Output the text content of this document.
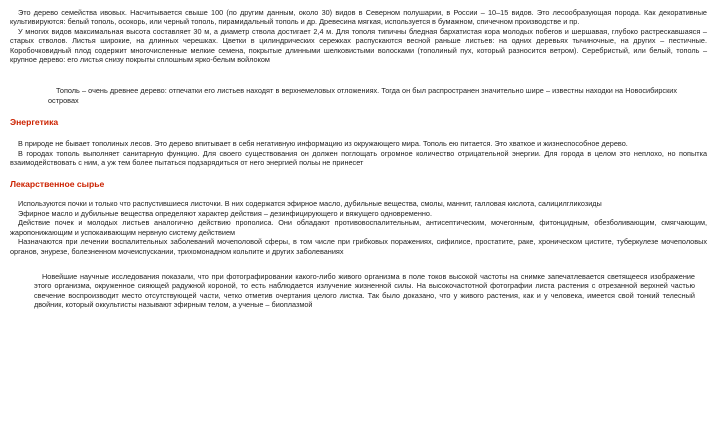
Это дерево семейства ивовых. Насчитывается свыше 100 (по другим данным, около 30) видов в Северном полушарии, в России – 10–15 видов. Это лесообразующая порода. Как декоративные культивируются: белый тополь, осокорь, или черный тополь, пирамидальный тополь и др. Древесина мягкая, используется в бумажном, спичечном производстве и пр.

У многих видов максимальная высота составляет 30 м, а диаметр ствола достигает 2,4 м. Для тополя типичны бледная бархатистая кора молодых побегов и шершавая, глубоко растрескавшаяся – старых стволов. Листья широкие, на длинных черешках. Цветки в цилиндрических сережках распускаются весной раньше листьев: на одних деревьях тычиночные, на других – пестичные. Коробочковидный плод содержит многочисленные мелкие семена, покрытые длинными шелковистыми волосками (тополиный пух, который разносится ветром). Серебристый, или белый, тополь – крупное дерево: его листья снизу покрыты сплошным ярко-белым войлоком

Тополь – очень древнее дерево: отпечатки его листьев находят в верхнемеловых отложениях. Тогда он был распространен значительно шире – известны находки на Новосибирских островах

Энергетика

В природе не бывает тополиных лесов. Это дерево впитывает в себя негативную информацию из окружающего мира. Тополь ею питается. Это хваткое и жизнеспособное дерево.

В городах тополь выполняет санитарную функцию. Для своего существования он должен поглощать огромное количество отрицательной энергии. Для города в целом это неплохо, но попытка взаимодействовать с ним, а уж тем более пытаться подзарядиться от него энергией польы не принесет

Лекарственное сырье

Используются почки и только что распустившиеся листочки. В них содержатся эфирное масло, дубильные вещества, смолы, маннит, галловая кислота, салицилгликозиды

Эфирное масло и дубильные вещества определяют характер действия – дезинфицирующего и вяжущего одновременно.

Действие почек и молодых листьев аналогично действию прополиса. Они обладают противовоспалительным, антисептическим, мочегонным, фитонцидным, обезболивающим, смягчающим, жаропонижающим и успокаивающим нервную систему действием

Назначаются при лечении воспалительных заболеваний мочеполовой сферы, в том числе при грибковых поражениях, сифилисе, простатите, раке, хроническом цистите, туберкулезе мочеполовых органов, энурезе, болезненном мочеиспускании, трихомонадном кольпите и других заболеваниях

Новейшие научные исследования показали, что при фотографировании какого-либо живого организма в поле токов высокой частоты на снимке запечатлевается светящееся изображение этого организма, окруженное сияющей радужной короной, то есть наблюдается излучение жизненной силы. На высокочастотной фотографии листа растения с отрезанной верхней частью свечение воспроизводит место отсутствующей части, четко отметив очертания целого листка. Так было доказано, что у живого растения, как и у человека, имеется свой тонкий телесный двойник, который оккультисты называют эфирным телом, а ученые – биоплазмой
